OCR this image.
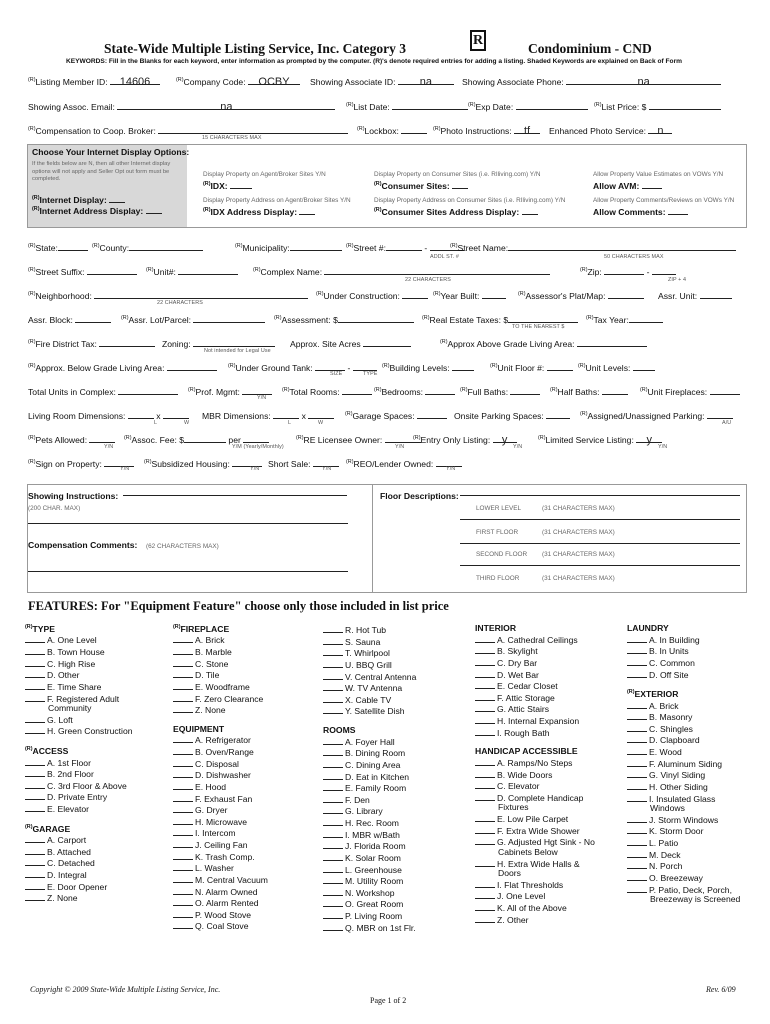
State-Wide Multiple Listing Service, Inc. Category 3
R
Condominium - CND
KEYWORDS: Fill in the Blanks for each keyword, enter information as prompted by the computer. (R)'s denote required entries for adding a listing. Shaded Keywords are explained on Back of Form
$^{(R)}$Listing Member ID: 14606	$^{(R)}$Company Code: OCBY	Showing Associate ID: na	Showing Associate Phone:	na
Showing Assoc. Email:	na	$^{(R)}$List Date:	$^{(R)}$Exp Date:	$^{(R)}$List Price: $
$^{(R)}$Compensation to Coop. Broker:
15 CHARACTERS MAX
$^{(R)}$Lockbox:	$^{(R)}$Photo Instructions: tf	Enhanced Photo Service: n
Choose Your Internet Display Options:
If the fields below are N, then all other Internet display
options will not apply and Seller Opt out form must be
completed.
$^{(R)}$Internet Display:
$^{(R)}$Internet Address Display:
Display Property on Agent/Broker Sites Y/N
$^{(R)}$IDX:
Display Property Address on Agent/Broker Sites Y/N
$^{(R)}$IDX Address Display:
Display Property on Consumer Sites (i.e. RIliving.com) Y/N
$^{(R)}$Consumer Sites:
Display Property Address on Consumer Sites (i.e. RIliving.com) Y/N
$^{(R)}$Consumer Sites Address Display:
Allow Property Value Estimates on VOWs Y/N
Allow AVM:
Allow Property Comments/Reviews on VOWs Y/N
Allow Comments:
$^{(R)}$State:	$^{(R)}$County:	$^{(R)}$Municipality:	$^{(R)}$Street #:	-	$^{(R)}$Street Name:
ADDL ST. #	50 CHARACTERS MAX
$^{(R)}$Street Suffix:	$^{(R)}$Unit#:	$^{(R)}$Complex Name:
22 CHARACTERS
$^{(R)}$Zip:	-
ZIP + 4
$^{(R)}$Neighborhood:
22 CHARACTERS
$^{(R)}$Under Construction:	$^{(R)}$Year Built:	$^{(R)}$Assessor's Plat/Map:	Assr. Unit:
Assr. Block:	$^{(R)}$Assr. Lot/Parcel:	$^{(R)}$Assessment: $	$^{(R)}$Real Estate Taxes: $
TO THE NEAREST $
$^{(R)}$Tax Year:
$^{(R)}$Fire District Tax:	Zoning:
Not intended for Legal Use
Approx. Site Acres	$^{(R)}$Approx Above Grade Living Area:
$^{(R)}$Approx. Below Grade Living Area:	$^{(R)}$Under Ground Tank:	-
SIZE	TYPE
$^{(R)}$Building Levels:	$^{(R)}$Unit Floor #:	$^{(R)}$Unit Levels:
Total Units in Complex:	$^{(R)}$Prof. Mgmt:
Y/N
$^{(R)}$Total Rooms:	$^{(R)}$Bedrooms:	$^{(R)}$Full Baths:	$^{(R)}$Half Baths:	$^{(R)}$Unit Fireplaces:
Living Room Dimensions:	x
L	W
MBR Dimensions:	x
L	W
$^{(R)}$Garage Spaces:	Onsite Parking Spaces:	$^{(R)}$Assigned/Unassigned Parking:
A/U
$^{(R)}$Pets Allowed:
Y/N
$^{(R)}$Assoc. Fee: $	per
Y/M (Yearly/Monthly)
$^{(R)}$RE Licensee Owner:
Y/N
$^{(R)}$Entry Only Listing: y
Y/N
$^{(R)}$Limited Service Listing: y
Y/N
$^{(R)}$Sign on Property:	Y/N
$^{(R)}$Subsidized Housing:	Y/N Short Sale:	Y/N
$^{(R)}$REO/Lender Owned:	Y/N
Showing Instructions:
(200 CHAR. MAX)
Compensation Comments: (62 CHARACTERS MAX)
Floor Descriptions:
LOWER LEVEL	(31 CHARACTERS MAX)
FIRST FLOOR	(31 CHARACTERS MAX)
SECOND FLOOR (31 CHARACTERS MAX)
THIRD FLOOR	(31 CHARACTERS MAX)
FEATURES: For "Equipment Feature" choose only those included in list price
$^{(R)}$TYPE
A. One Level
B. Town House
C. High Rise
D. Other
E. Time Share
F. Registered Adult
Community
G. Loft
H. Green Construction
$^{(R)}$ACCESS
A. 1st Floor
B. 2nd Floor
C. 3rd Floor & Above
D. Private Entry
E. Elevator
$^{(R)}$GARAGE
A. Carport
B. Attached
C. Detached
D. Integral
E. Door Opener
Z. None
$^{(R)}$FIREPLACE
A. Brick
B. Marble
C. Stone
D. Tile
E. Woodframe
F. Zero Clearance
Z. None
EQUIPMENT
A. Refrigerator
B. Oven/Range
C. Disposal
D. Dishwasher
E. Hood
F. Exhaust Fan
G. Dryer
H. Microwave
I. Intercom
J. Ceiling Fan
K. Trash Comp.
L. Washer
M. Central Vacuum
N. Alarm Owned
O. Alarm Rented
P. Wood Stove
Q. Coal Stove
R. Hot Tub
S. Sauna
T. Whirlpool
U. BBQ Grill
V. Central Antenna
W. TV Antenna
X. Cable TV
Y. Satellite Dish
ROOMS
A. Foyer Hall
B. Dining Room
C. Dining Area
D. Eat in Kitchen
E. Family Room
F. Den
G. Library
H. Rec. Room
I. MBR w/Bath
J. Florida Room
K. Solar Room
L. Greenhouse
M. Utility Room
N. Workshop
O. Great Room
P. Living Room
Q. MBR on 1st Flr.
INTERIOR
A. Cathedral Ceilings
B. Skylight
C. Dry Bar
D. Wet Bar
E. Cedar Closet
F. Attic Storage
G. Attic Stairs
H. Internal Expansion
I. Rough Bath
HANDICAP ACCESSIBLE
A. Ramps/No Steps
B. Wide Doors
C. Elevator
D. Complete Handicap
Fixtures
E. Low Pile Carpet
F. Extra Wide Shower
G. Adjusted Hgt Sink - No
Cabinets Below
H. Extra Wide Halls &
Doors
I. Flat Thresholds
J. One Level
K. All of the Above
Z. Other
LAUNDRY
A. In Building
B. In Units
C. Common
D. Off Site
$^{(R)}$EXTERIOR
A. Brick
B. Masonry
C. Shingles
D. Clapboard
E. Wood
F. Aluminum Siding
G. Vinyl Siding
H. Other Siding
I. Insulated Glass
Windows
J. Storm Windows
K. Storm Door
L. Patio
M. Deck
N. Porch
O. Breezeway
P. Patio, Deck, Porch,
Breezeway is Screened
Copyright © 2009 State-Wide Multiple Listing Service, Inc.
Page 1 of 2
Rev. 6/09
